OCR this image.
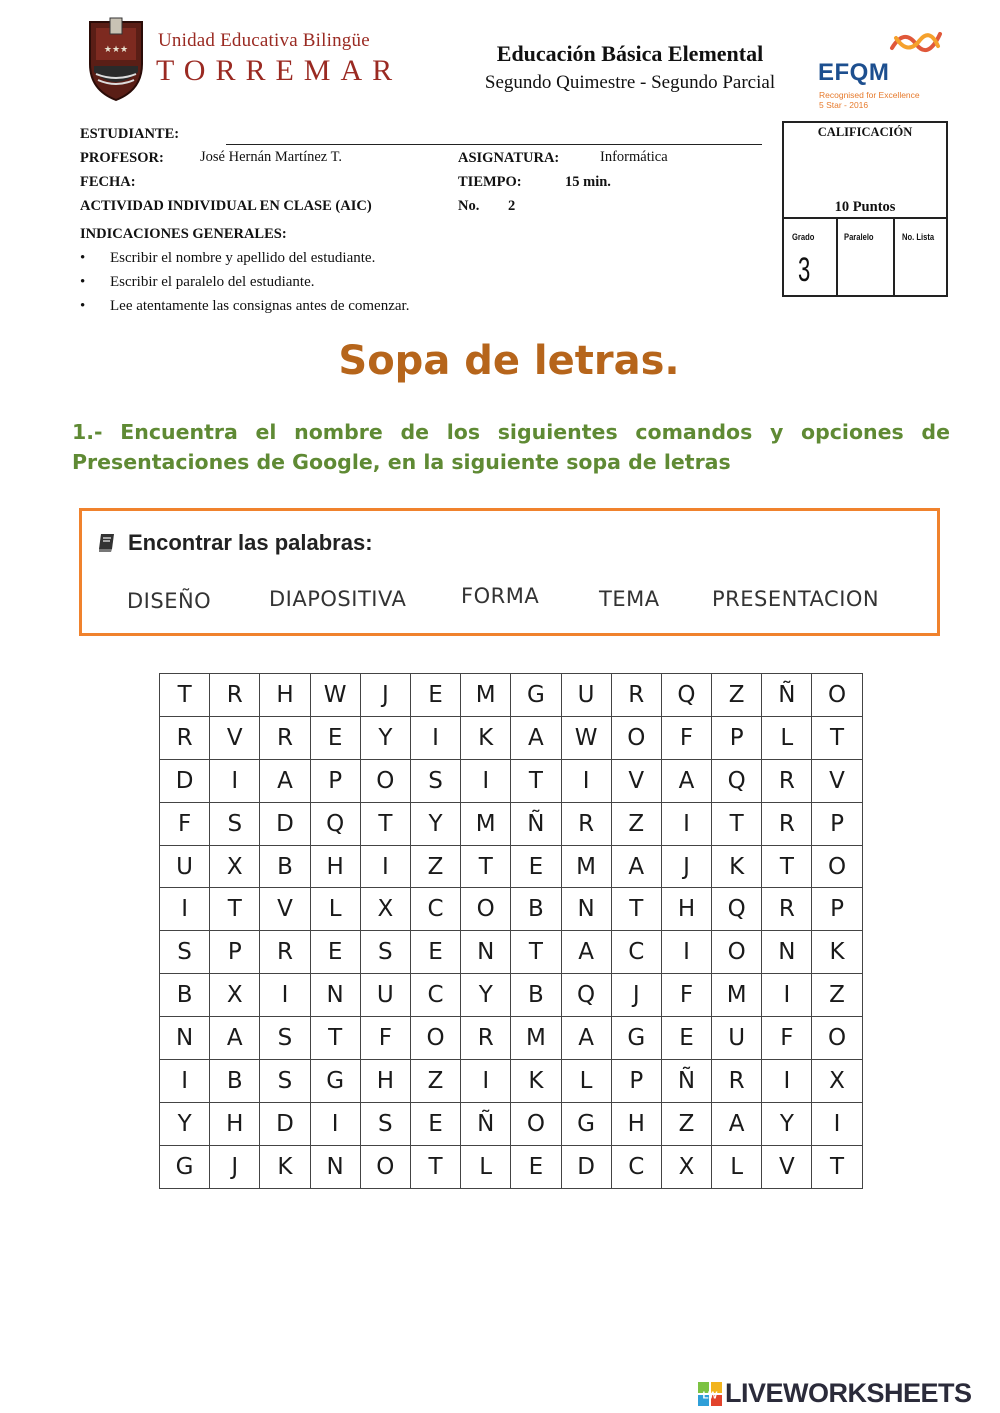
★★★ Unidad Educativa Bilingüe
TORREMAR
Educación Básica Elemental
Segundo Quimestre - Segundo Parcial	EFQM
Recognised for Excellence
5 Star - 2016
ESTUDIANTE:
PROFESOR: José Hernán Martínez T.	ASIGNATURA:	Informática
FECHA:	TIEMPO:	15 min.
ACTIVIDAD INDIVIDUAL EN CLASE (AIC)	No. 2
CALIFICACIÓN
10 Puntos
Grado	Paralelo	No. Lista
3
INDICACIONES GENERALES:
• Escribir el nombre y apellido del estudiante.
• Escribir el paralelo del estudiante.
• Lee atentamente las consignas antes de comenzar.
Sopa de letras.
1.- Encuentra el nombre de los siguientes comandos y opciones de Presentaciones de Google, en la siguiente sopa de letras
Encontrar las palabras:
DISEÑO	DIAPOSITIVA	FORMA	TEMA PRESENTACION
T	R	H	W	J	E	M	G	U	R	Q	Z	Ñ	O
R	V	R	E	Y	I	K	A	W	O	F	P	L	T
D	I	A	P	O	S	I	T	I	V	A	Q	R	V
F	S	D	Q	T	Y	M	Ñ	R	Z	I	T	R	P
U	X	B	H	I	Z	T	E	M	A	J	K	T	O
I	T	V	L	X	C	O	B	N	T	H	Q	R	P
S	P	R	E	S	E	N	T	A	C	I	O	N	K
B	X	I	N	U	C	Y	B	Q	J	F	M	I	Z
N	A	S	T	F	O	R	M	A	G	E	U	F	O
I	B	S	G	H	Z	I	K	L	P	Ñ	R	I	X
Y	H	D	I	S	E	Ñ	O	G	H	Z	A	Y	I
G	J	K	N	O	T	L	E	D	C	X	L	V	T
LW LIVEWORKSHEETS
